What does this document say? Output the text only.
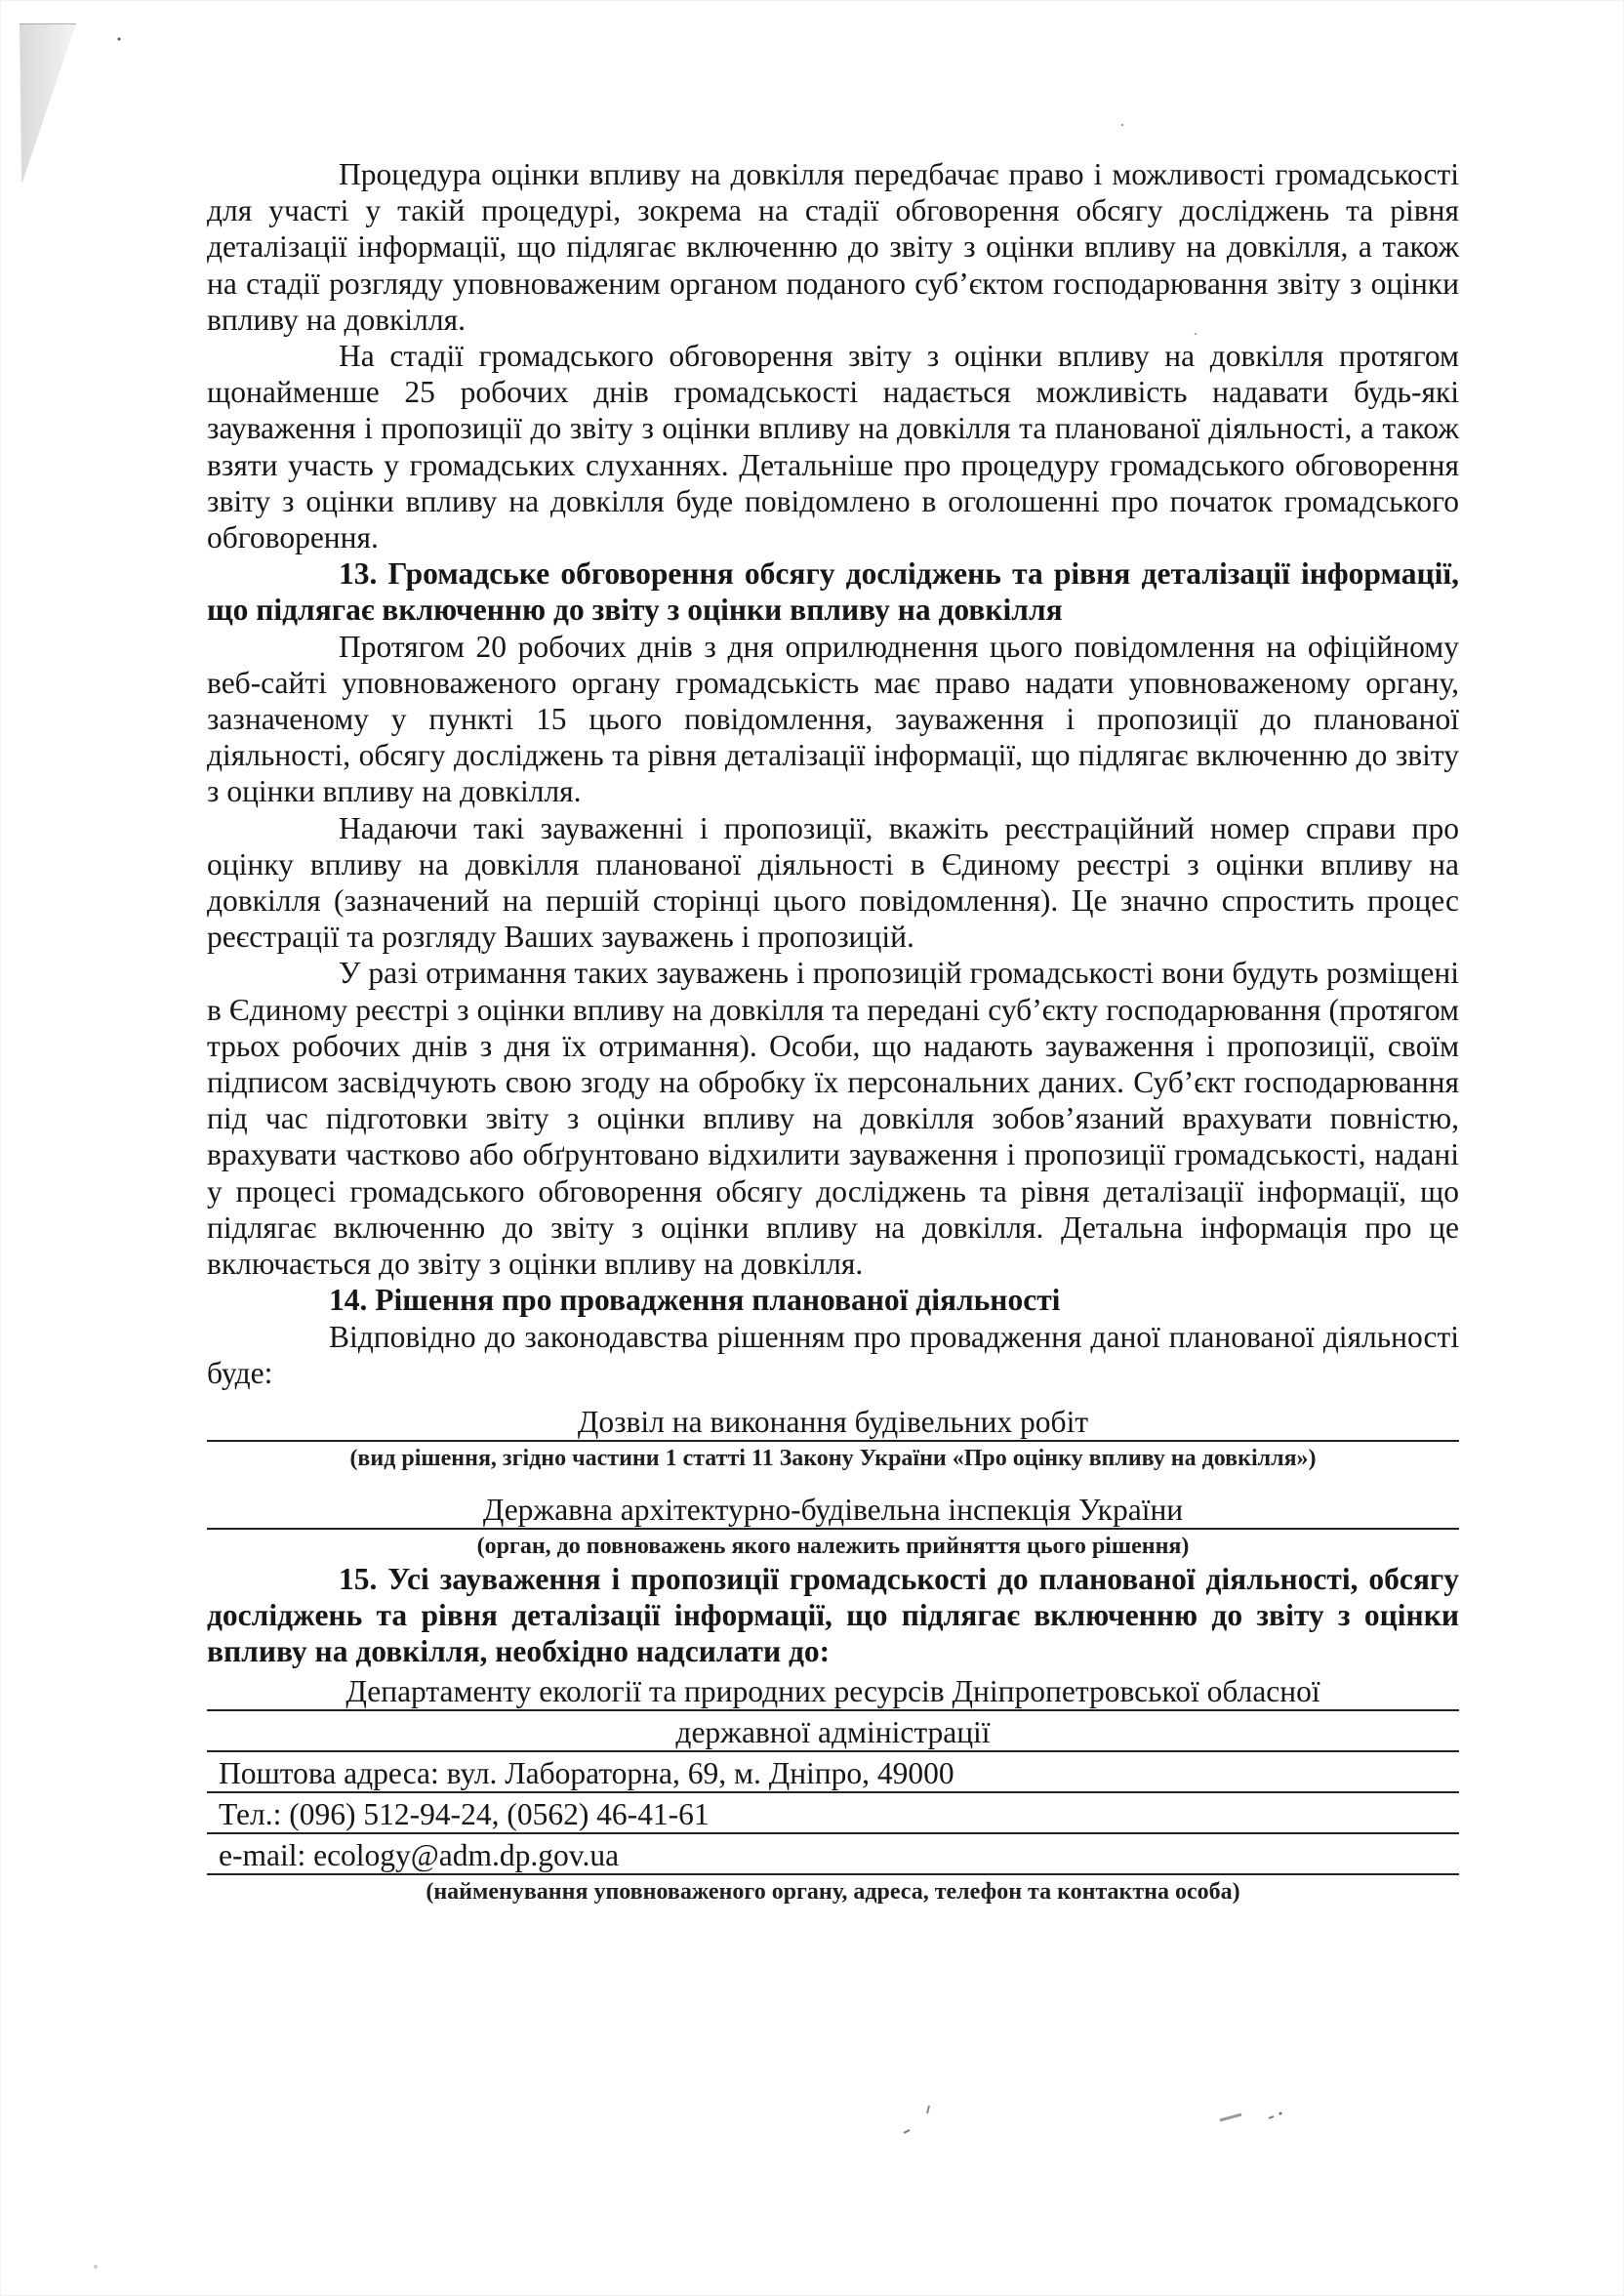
Процедура оцінки впливу на довкілля передбачає право і можливості громадськості для участі у такій процедурі, зокрема на стадії обговорення обсягу досліджень та рівня деталізації інформації, що підлягає включенню до звіту з оцінки впливу на довкілля, а також на стадії розгляду уповноваженим органом поданого суб’єктом господарювання звіту з оцінки впливу на довкілля.

На стадії громадського обговорення звіту з оцінки впливу на довкілля протягом щонайменше 25 робочих днів громадськості надається можливість надавати будь-які зауваження і пропозиції до звіту з оцінки впливу на довкілля та планованої діяльності, а також взяти участь у громадських слуханнях. Детальніше про процедуру громадського обговорення звіту з оцінки впливу на довкілля буде повідомлено в оголошенні про початок громадського обговорення.

13. Громадське обговорення обсягу досліджень та рівня деталізації інформації, що підлягає включенню до звіту з оцінки впливу на довкілля

Протягом 20 робочих днів з дня оприлюднення цього повідомлення на офіційному веб-сайті уповноваженого органу громадськість має право надати уповноваженому органу, зазначеному у пункті 15 цього повідомлення, зауваження і пропозиції до планованої діяльності, обсягу досліджень та рівня деталізації інформації, що підлягає включенню до звіту з оцінки впливу на довкілля.

Надаючи такі зауваженні і пропозиції, вкажіть реєстраційний номер справи про оцінку впливу на довкілля планованої діяльності в Єдиному реєстрі з оцінки впливу на довкілля (зазначений на першій сторінці цього повідомлення). Це значно спростить процес реєстрації та розгляду Ваших зауважень і пропозицій.

У разі отримання таких зауважень і пропозицій громадськості вони будуть розміщені в Єдиному реєстрі з оцінки впливу на довкілля та передані суб’єкту господарювання (протягом трьох робочих днів з дня їх отримання). Особи, що надають зауваження і пропозиції, своїм підписом засвідчують свою згоду на обробку їх персональних даних. Суб’єкт господарювання під час підготовки звіту з оцінки впливу на довкілля зобов’язаний врахувати повністю, врахувати частково або обґрунтовано відхилити зауваження і пропозиції громадськості, надані у процесі громадського обговорення обсягу досліджень та рівня деталізації інформації, що підлягає включенню до звіту з оцінки впливу на довкілля. Детальна інформація про це включається до звіту з оцінки впливу на довкілля.

14. Рішення про провадження планованої діяльності

Відповідно до законодавства рішенням про провадження даної планованої діяльності буде:

Дозвіл на виконання будівельних робіт
(вид рішення, згідно частини 1 статті 11 Закону України «Про оцінку впливу на довкілля»)
Державна архітектурно-будівельна інспекція України
(орган, до повноважень якого належить прийняття цього рішення)
15. Усі зауваження і пропозиції громадськості до планованої діяльності, обсягу досліджень та рівня деталізації інформації, що підлягає включенню до звіту з оцінки впливу на довкілля, необхідно надсилати до:
Департаменту екології та природних ресурсів Дніпропетровської обласної
державної адміністрації
Поштова адреса: вул. Лабораторна, 69, м. Дніпро, 49000
Тел.: (096) 512-94-24, (0562) 46-41-61
e-mail: ecology@adm.dp.gov.ua
(найменування уповноваженого органу, адреса, телефон та контактна особа)
